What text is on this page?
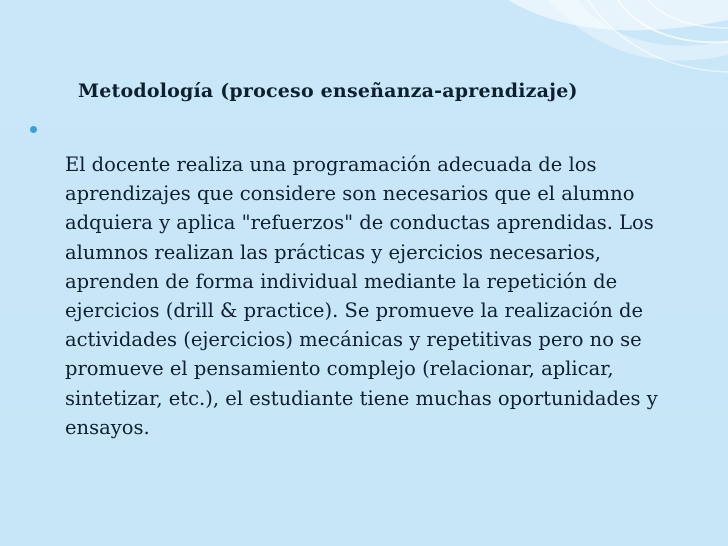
Metodología (proceso enseñanza-aprendizaje)

El docente realiza una programación adecuada de los aprendizajes que considere son necesarios que el alumno adquiera y aplica "refuerzos" de conductas aprendidas. Los alumnos realizan las prácticas y ejercicios necesarios, aprenden de forma individual mediante la repetición de ejercicios (drill & practice). Se promueve la realización de actividades (ejercicios) mecánicas y repetitivas pero no se promueve el pensamiento complejo (relacionar, aplicar, sintetizar, etc.), el estudiante tiene muchas oportunidades y ensayos.
